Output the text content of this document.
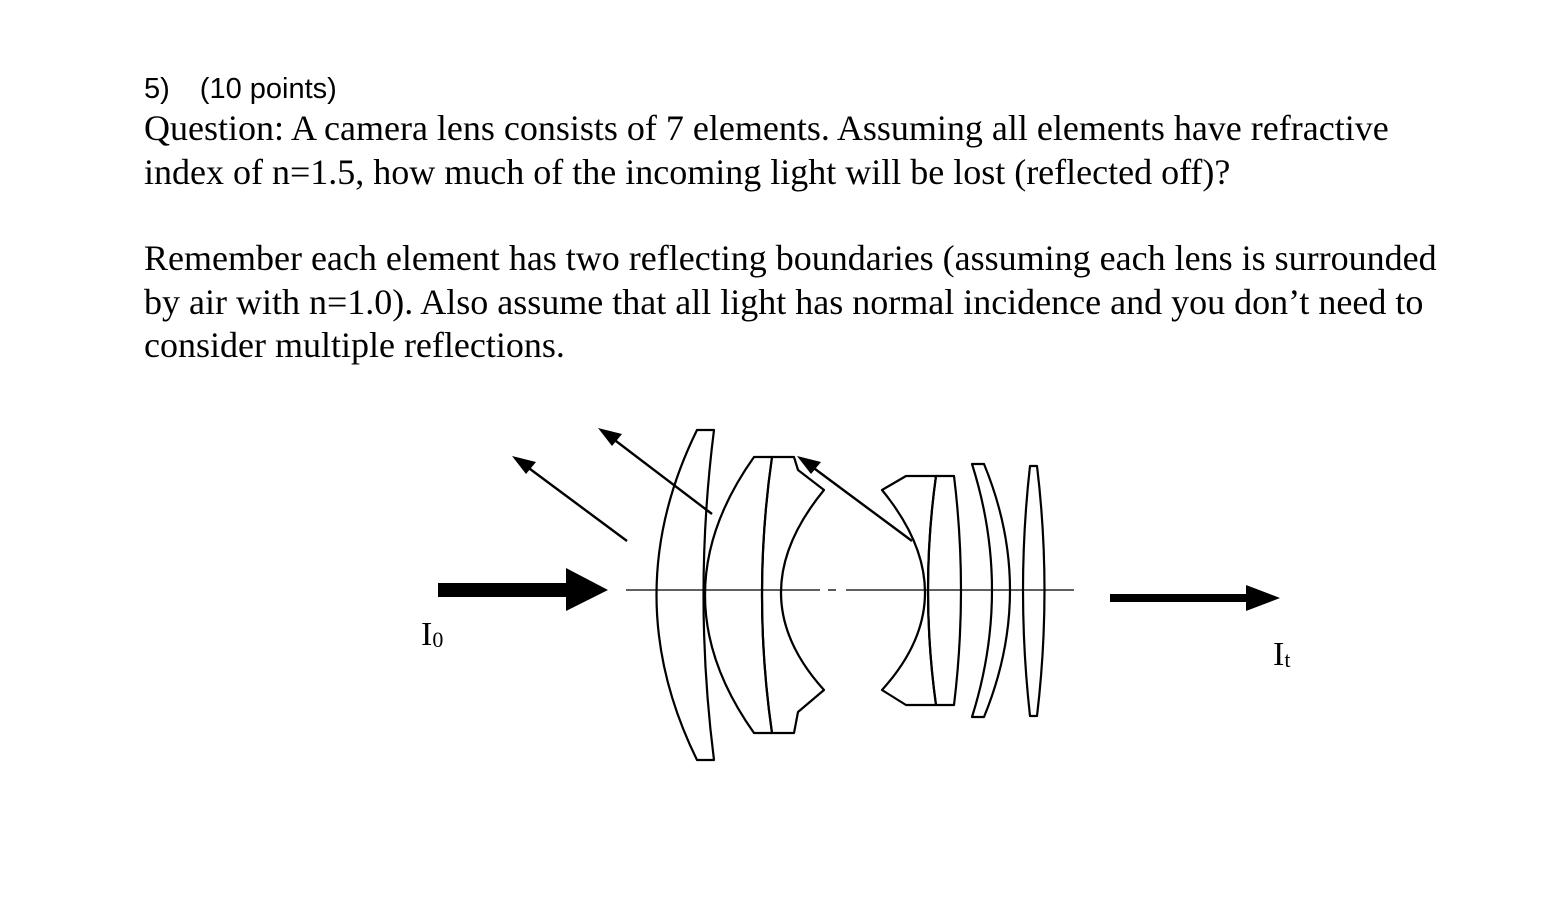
5) (10 points)

Question: A camera lens consists of 7 elements. Assuming all elements have refractive
index of n=1.5, how much of the incoming light will be lost (reflected off)?

Remember each element has two reflecting boundaries (assuming each lens is surrounded
by air with n=1.0). Also assume that all light has normal incidence and you don’t need to
consider multiple reflections.

$I_0$	$I_t$
